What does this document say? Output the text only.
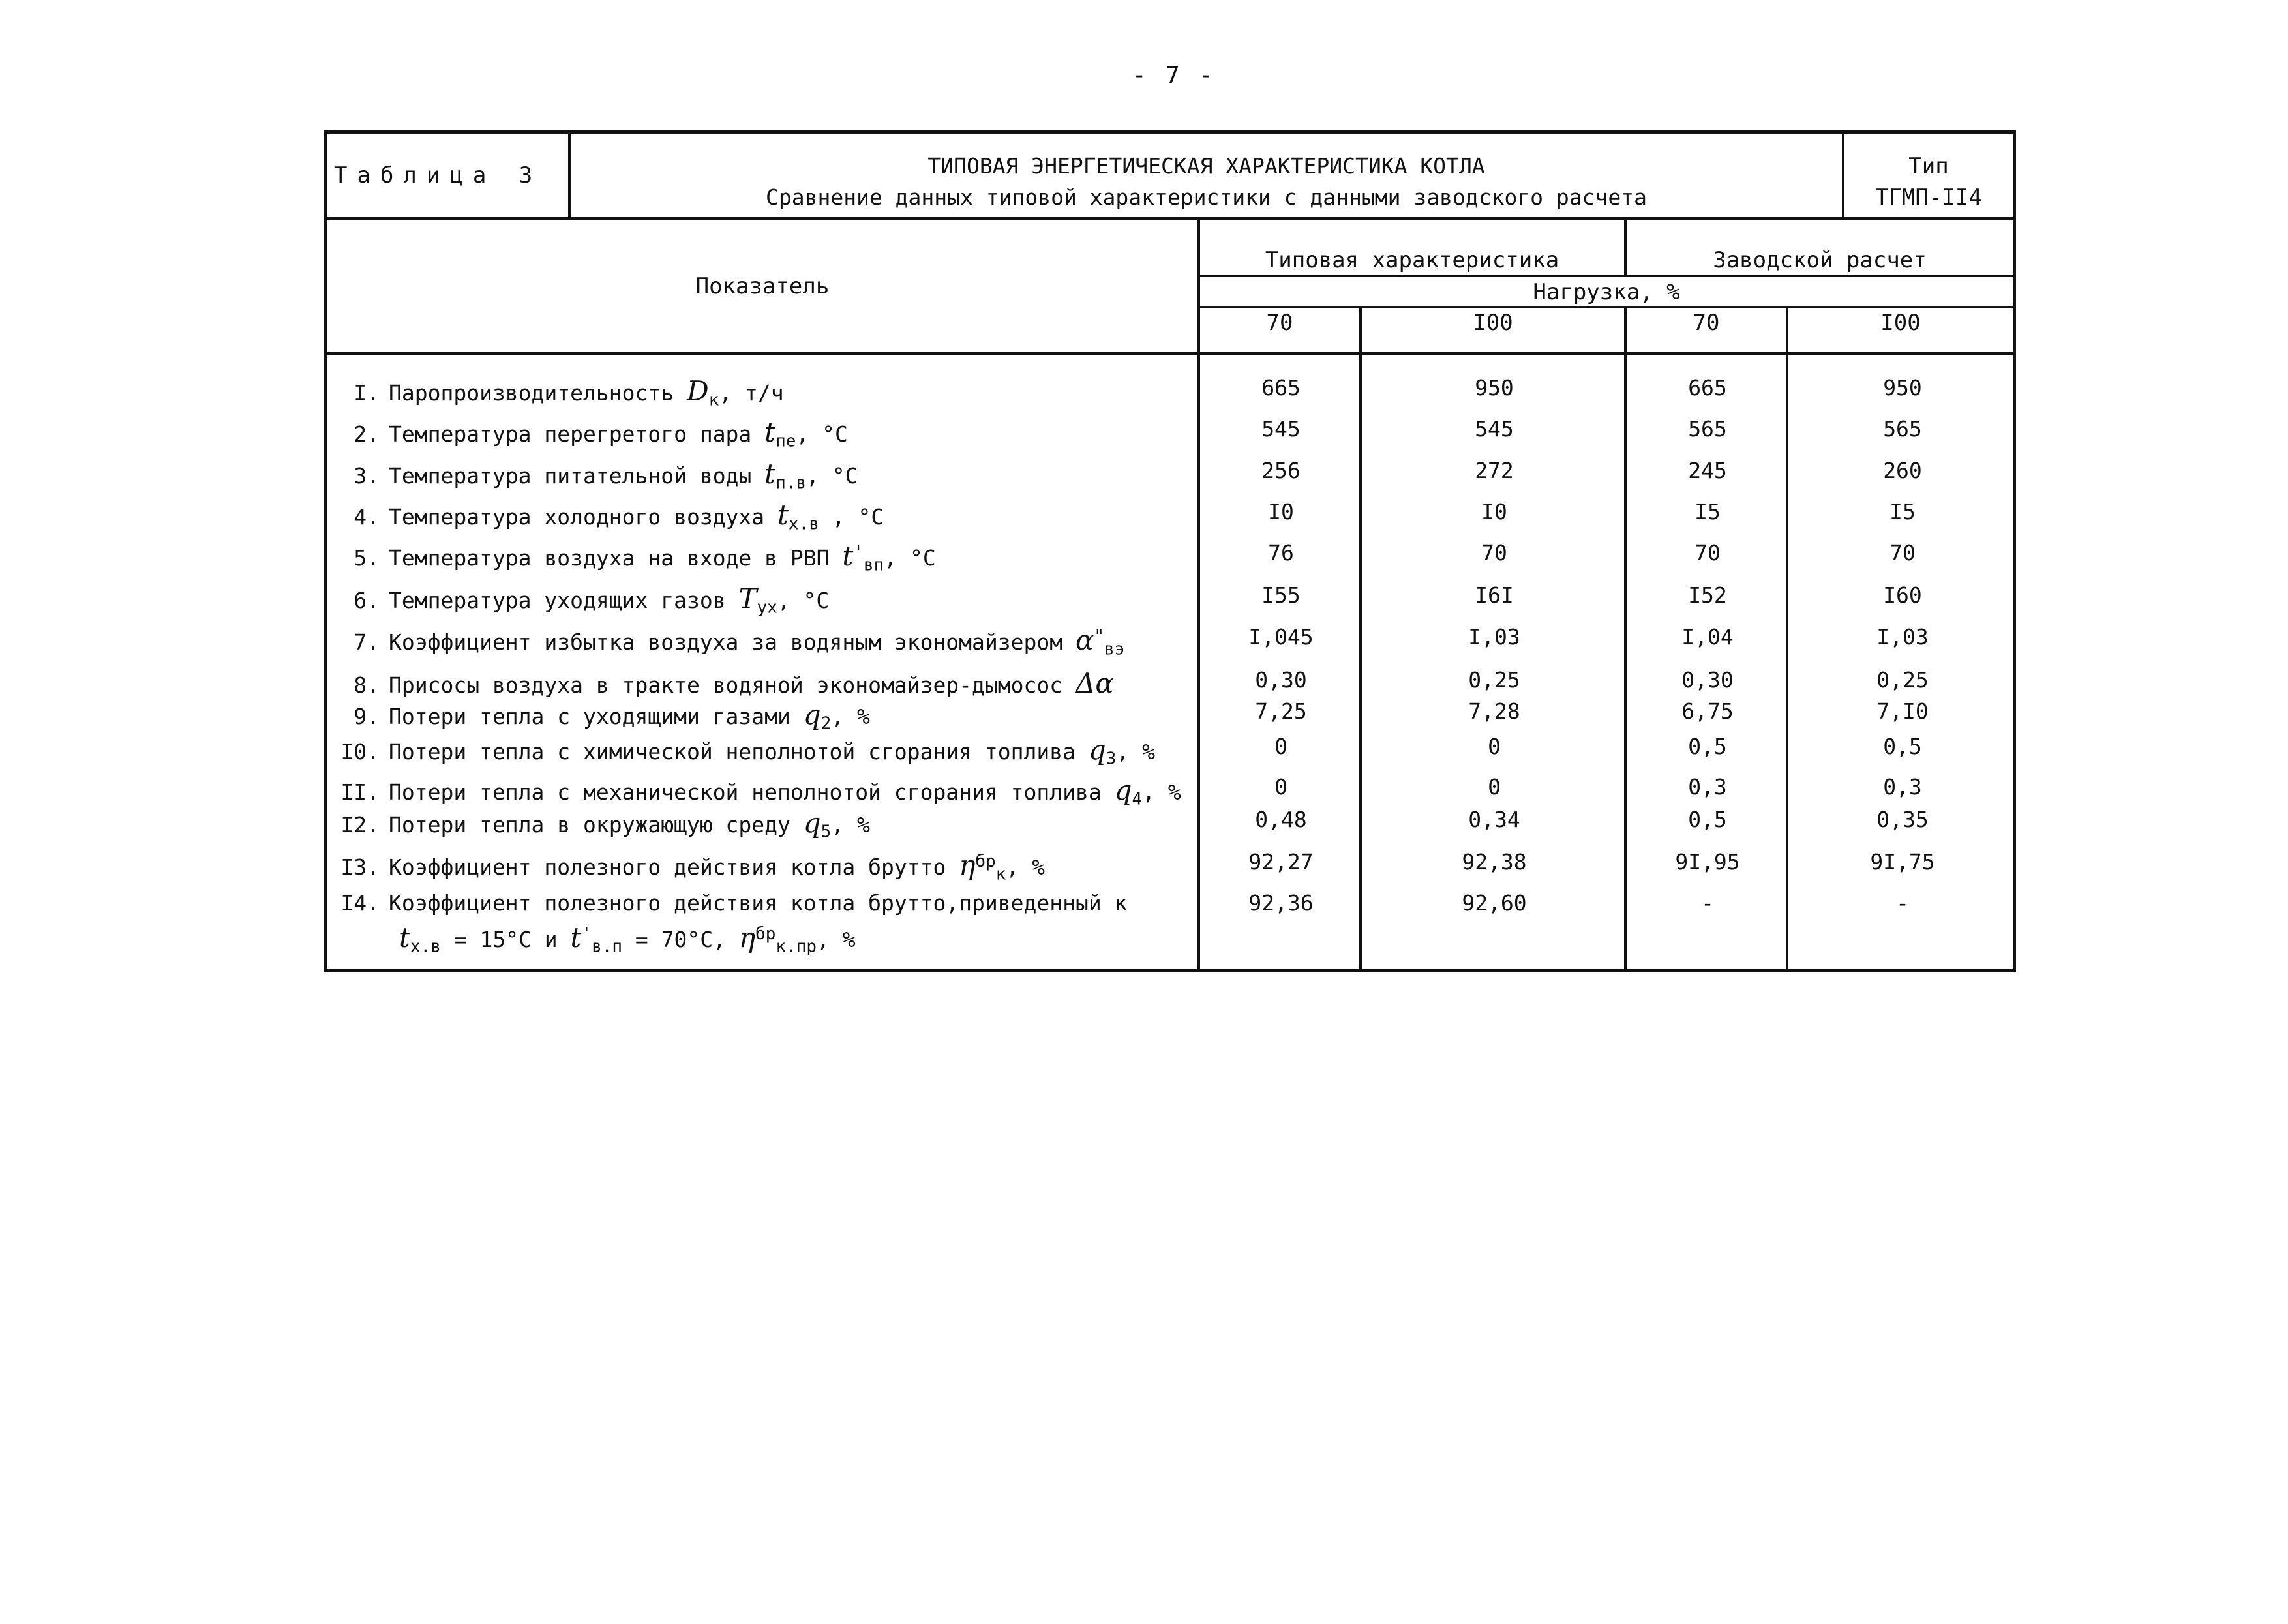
- 7 -
Таблица 3	ТИПОВАЯ ЭНЕРГЕТИЧЕСКАЯ ХАРАКТЕРИСТИКА КОТЛА
Сравнение данных типовой характеристики с данными заводского расчета
Тип
ТГМП-II4
Показатель
Типовая характеристика	Заводской расчет
Нагрузка, %
70	I00	70	I00
I. Паропроизводительность $D_к$, т/ч	665	950	665	950
2. Температура перегретого пара $t_{пе}$, °С	545	545	565	565
3. Температура питательной воды $t_{п.в}$, °С	256	272	245	260
4. Температура холодного воздуха $t_{х.в}$ , °С	I0	I0	I5	I5
5. Температура воздуха на входе в РВП $t'_{вп}$, °С	76	70	70	70
6. Температура уходящих газов $T_{ух}$, °С	I55	I6I	I52	I60
7. Коэффициент избытка воздуха за водяным экономайзером $\alpha^"_{вэ}$	I,045	I,03	I,04	I,03
8. Присосы воздуха в тракте водяной экономайзер-дымосос Δα	0,30	0,25	0,30	0,25
9. Потери тепла с уходящими газами $q_2$, %	7,25	7,28	6,75	7,I0
I0. Потери тепла с химической неполнотой сгорания топлива $q_3$, %	0	0	0,5	0,5
II. Потери тепла с механической неполнотой сгорания топлива $q_4$, %	0	0	0,3	0,3
I2. Потери тепла в окружающую среду $q_5$, %	0,48	0,34	0,5	0,35
I3. Коэффициент полезного действия котла брутто $\eta^{бр}_к$, %	92,27	92,38	9I,95	9I,75
I4. Коэффициент полезного действия котла брутто,приведенный к	92,36	92,60	-	-
$t_{х.в} = 15^\circ С$ и $t'_{в.п} = 70^\circ С$, $\eta^{бр}_{к.пр}$, %
